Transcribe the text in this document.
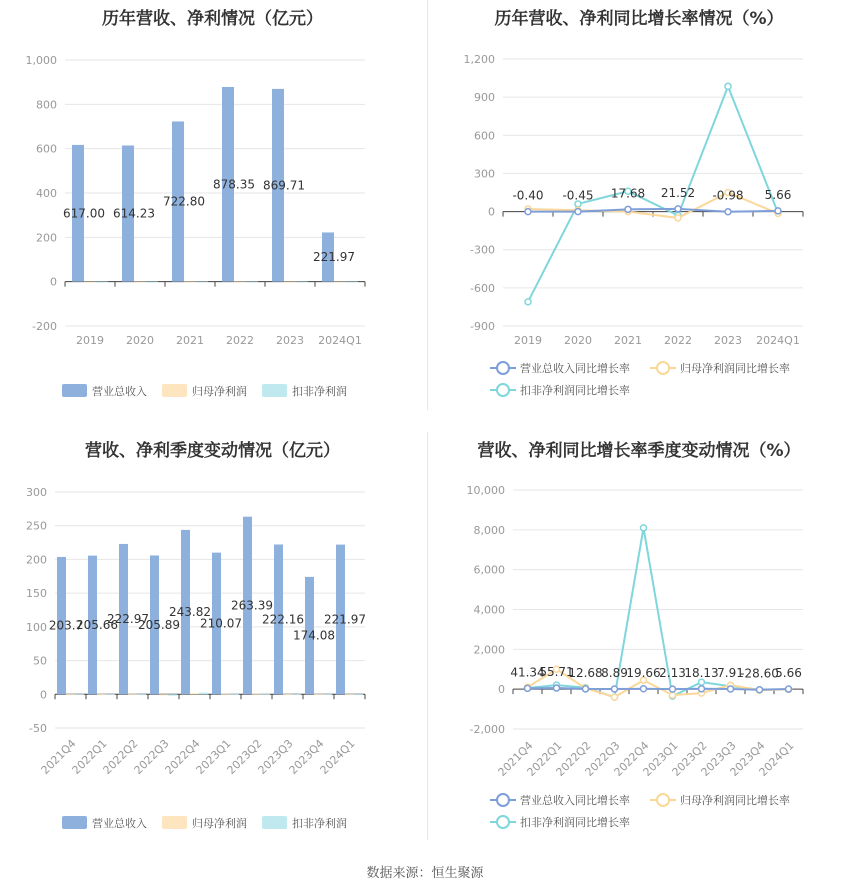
历年营收、净利情况（亿元）
1,000
800
600
400
200
0
-200
2019 2020 2021 2022 2023 2024Q1
617.00 614.23
722.80
878.35 869.71
221.97
营业总收入	归母净利润	扣非净利润
历年营收、净利同比增长率情况（%）
1,200
900
600
300
0
-300
-600
-900
2019 2020 2021 2022 2023 2024Q1
-0.40 -0.45 17.68 21.52 -0.98 5.66
营业总收入同比增长率	归母净利润同比增长率
扣非净利润同比增长率
营收、净利季度变动情况（亿元）
300
250
200
150
100
50
0
-50
2021Q4
2022Q1
2022Q2
2022Q3
2022Q4
2023Q1
2023Q2
2023Q3
2023Q4
2024Q1
203.7
205.66
222.97
205.89
243.82
210.07
263.39
222.16
174.08
221.97
营业总收入	归母净利润	扣非净利润
营收、净利同比增长率季度变动情况（%）
10,000
8,000
6,000
4,000
2,000
0
-2,000
2021Q4
2022Q1
2022Q2
2022Q3
2022Q4
2023Q1
2023Q2
2023Q3
2023Q4
2024Q1
41.34
55.71
12.68
8.89
19.66
2.13
18.13
7.91
-28.60
5.66
营业总收入同比增长率	归母净利润同比增长率
扣非净利润同比增长率
数据来源：恒生聚源
